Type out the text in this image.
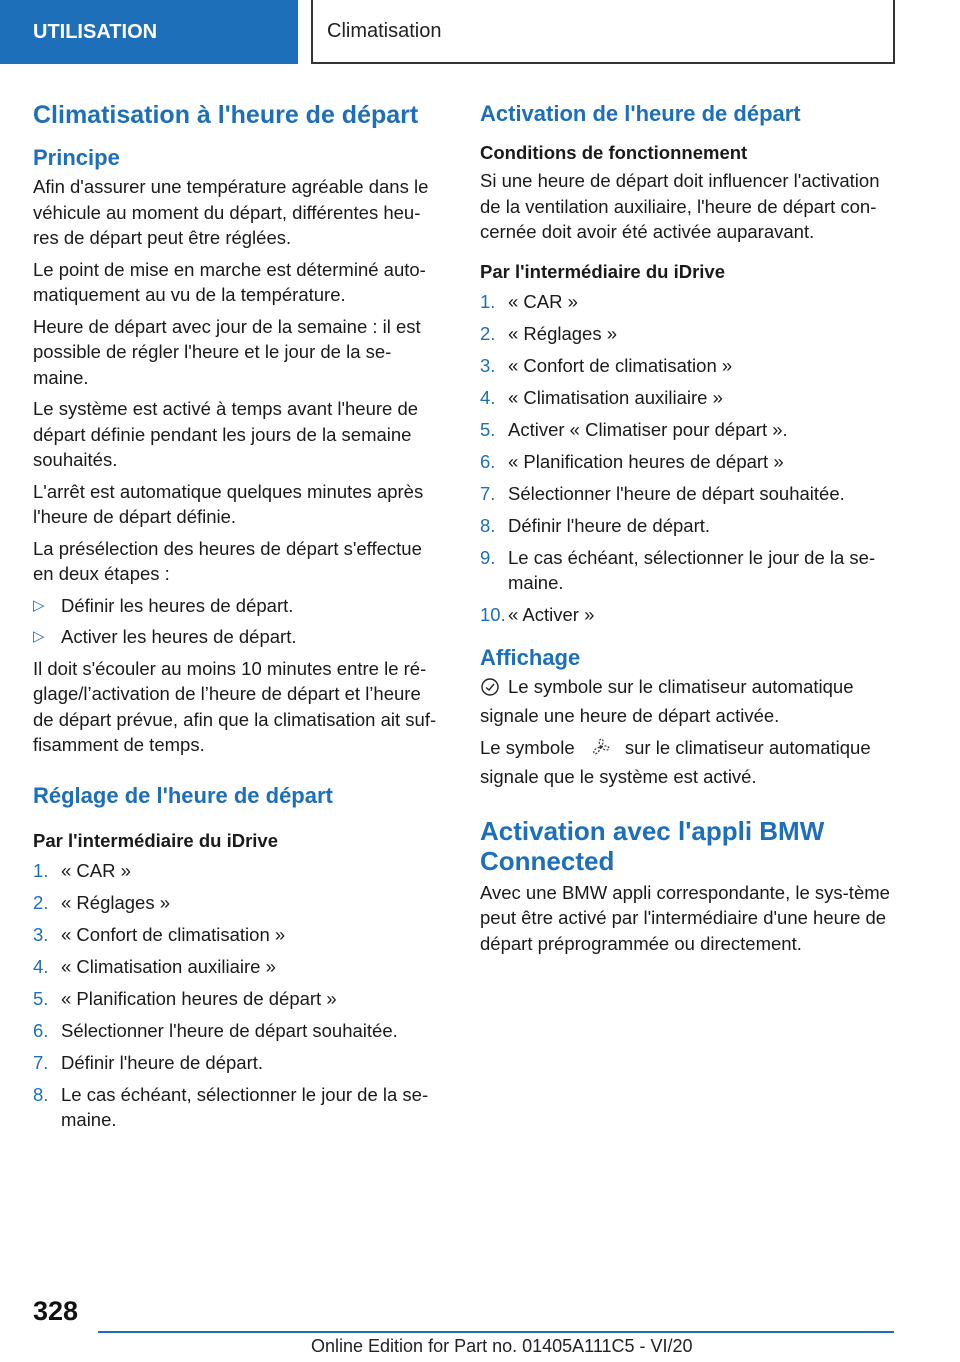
UTILISATION	Climatisation
Climatisation à l'heure de départ
Principe
Afin d'assurer une température agréable dans le véhicule au moment du départ, différentes heu-res de départ peut être réglées.
Le point de mise en marche est déterminé auto-matiquement au vu de la température.
Heure de départ avec jour de la semaine : il est possible de régler l'heure et le jour de la se-maine.
Le système est activé à temps avant l'heure de départ définie pendant les jours de la semaine souhaités.
L'arrêt est automatique quelques minutes après l'heure de départ définie.
La présélection des heures de départ s'effectue en deux étapes :
▷ Définir les heures de départ.
▷ Activer les heures de départ.
Il doit s'écouler au moins 10 minutes entre le ré-glage/l’activation de l’heure de départ et l’heure de départ prévue, afin que la climatisation ait suf-fisamment de temps.
Réglage de l'heure de départ
Par l'intermédiaire du iDrive
1. « CAR »
2. « Réglages »
3. « Confort de climatisation »
4. « Climatisation auxiliaire »
5. « Planification heures de départ »
6. Sélectionner l'heure de départ souhaitée.
7. Définir l'heure de départ.
8. Le cas échéant, sélectionner le jour de la se-maine.
Activation de l'heure de départ
Conditions de fonctionnement
Si une heure de départ doit influencer l'activation de la ventilation auxiliaire, l'heure de départ con-cernée doit avoir été activée auparavant.
Par l'intermédiaire du iDrive
1. « CAR »
2. « Réglages »
3. « Confort de climatisation »
4. « Climatisation auxiliaire »
5. Activer « Climatiser pour départ ».
6. « Planification heures de départ »
7. Sélectionner l'heure de départ souhaitée.
8. Définir l'heure de départ.
9. Le cas échéant, sélectionner le jour de la se-maine.
10. « Activer »
Affichage
Le symbole sur le climatiseur automatique signale une heure de départ activée.
Le symbole	sur le climatiseur automatique signale que le système est activé.
Activation avec l'appli BMW Connected
Avec une BMW appli correspondante, le sys-tème peut être activé par l'intermédiaire d'une heure de départ préprogrammée ou directement.
328
Online Edition for Part no. 01405A111C5 - VI/20
